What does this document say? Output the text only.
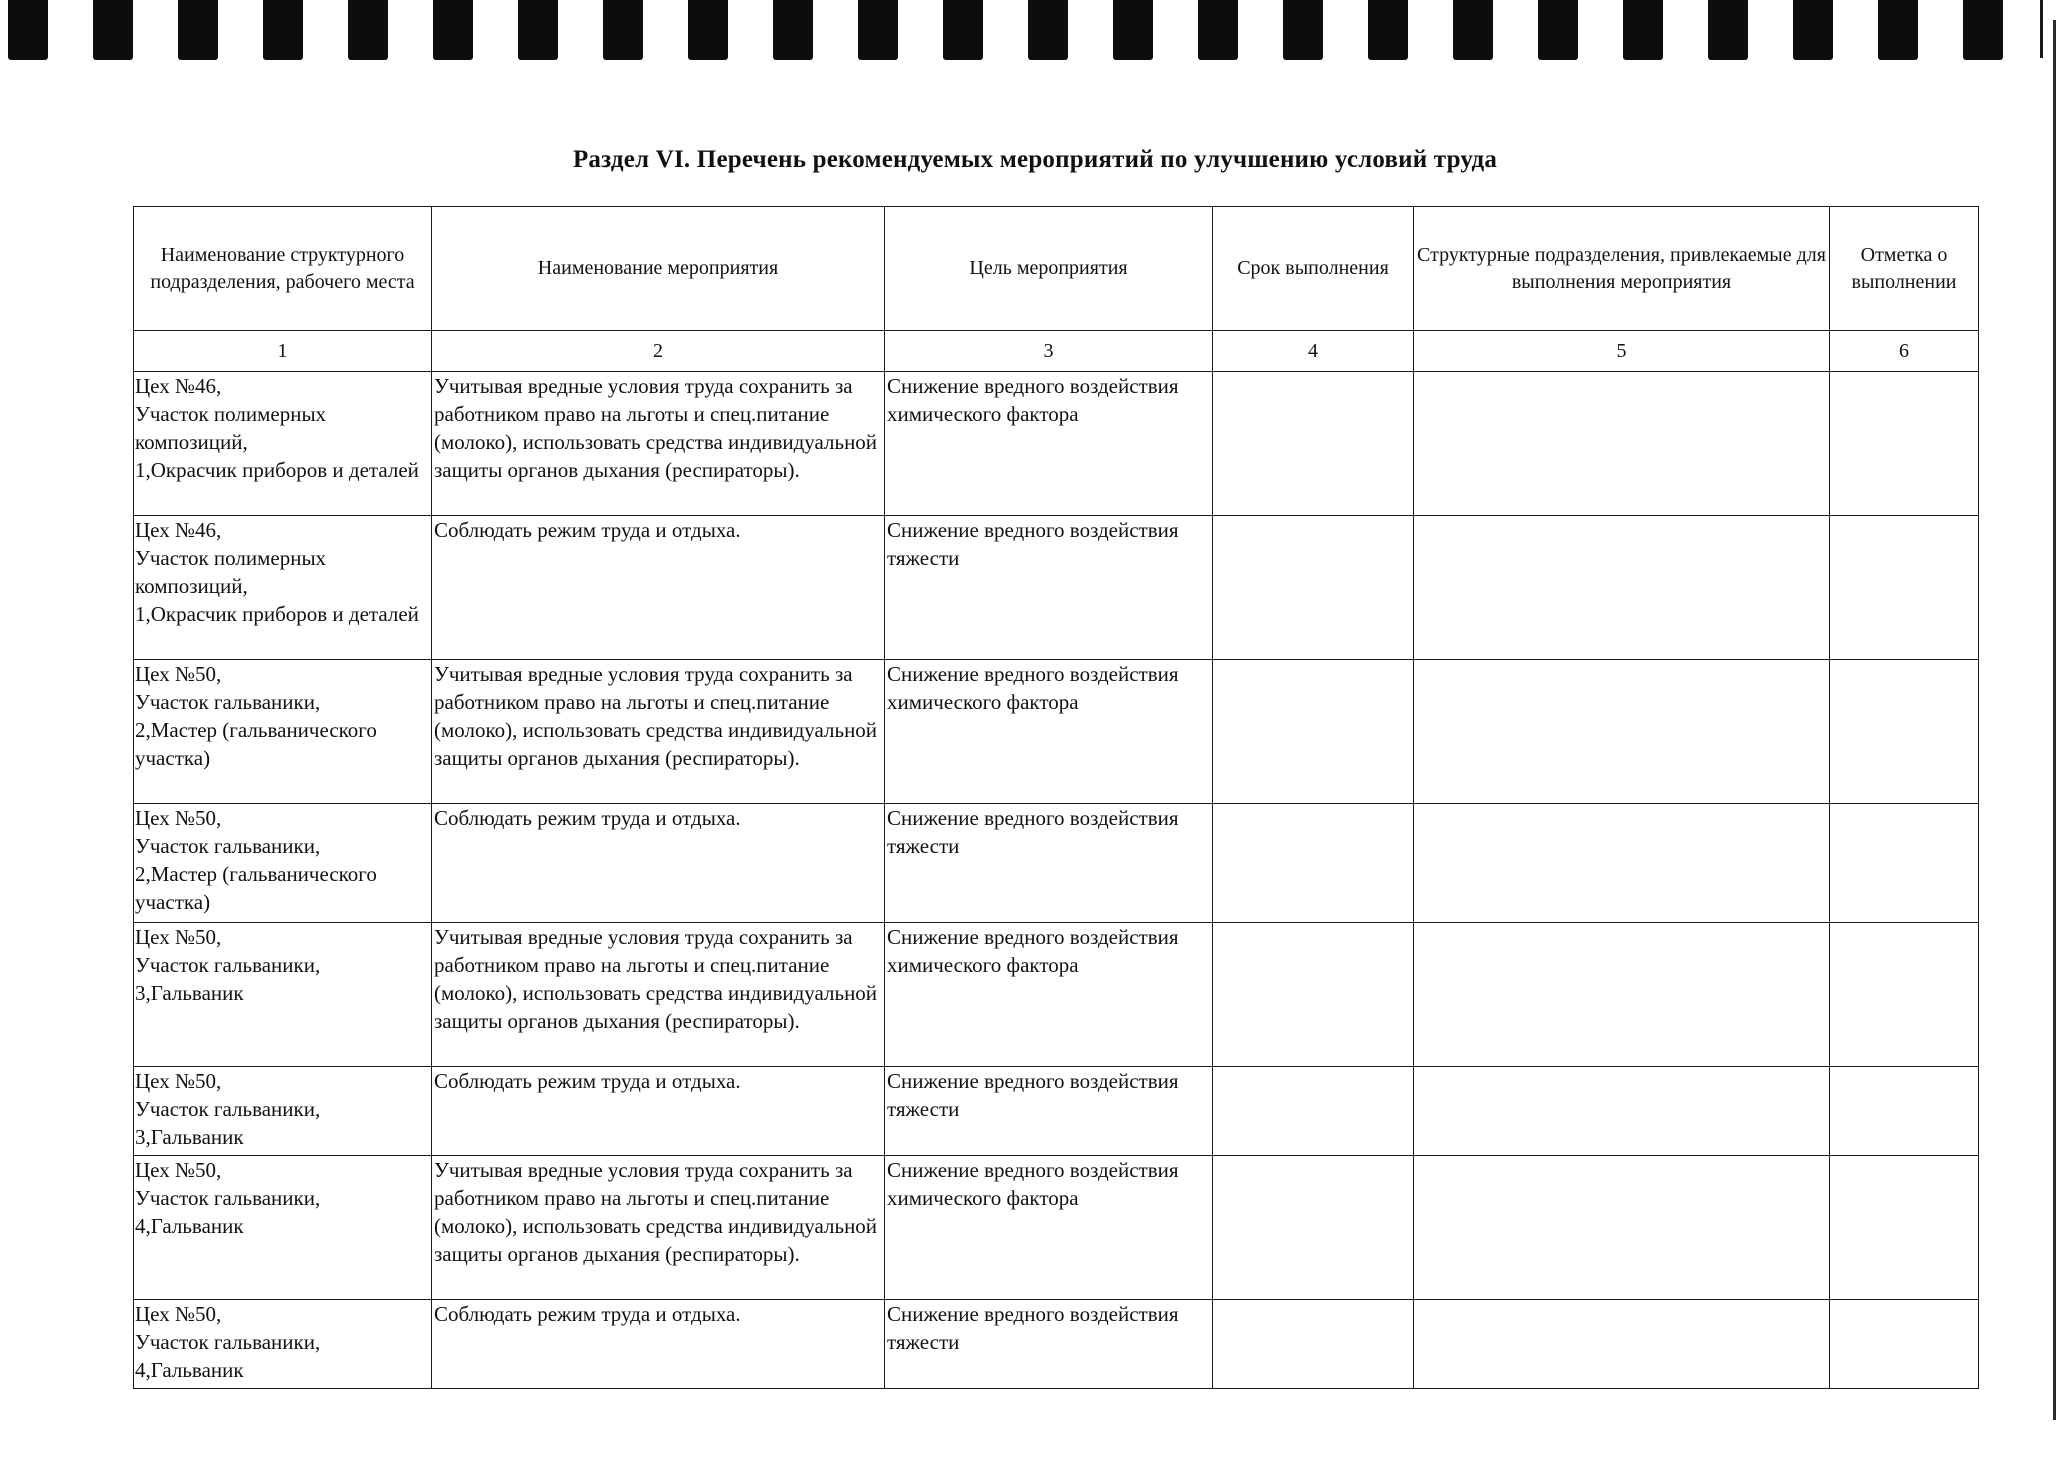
Раздел VI. Перечень рекомендуемых мероприятий по улучшению условий труда
Наименование структурного подразделения, рабочего места	Наименование мероприятия	Цель мероприятия	Срок выполнения	Структурные подразделения, привлекаемые для выполнения мероприятия	Отметка о выполнении
1	2	3	4	5	6
Цех №46,
Участок полимерных композиций,
1,Окрасчик приборов и деталей	Учитывая вредные условия труда сохранить за работником право на льготы и спец.питание (молоко), использовать средства индивидуальной защиты органов дыхания (респираторы).	Снижение вредного воздействия химического фактора			
Цех №46,
Участок полимерных композиций,
1,Окрасчик приборов и деталей	Соблюдать режим труда и отдыха.	Снижение вредного воздействия тяжести			
Цех №50,
Участок гальваники,
2,Мастер (гальванического участка)	Учитывая вредные условия труда сохранить за работником право на льготы и спец.питание (молоко), использовать средства индивидуальной защиты органов дыхания (респираторы).	Снижение вредного воздействия химического фактора			
Цех №50,
Участок гальваники,
2,Мастер (гальванического участка)	Соблюдать режим труда и отдыха.	Снижение вредного воздействия тяжести			
Цех №50,
Участок гальваники,
3,Гальваник	Учитывая вредные условия труда сохранить за работником право на льготы и спец.питание (молоко), использовать средства индивидуальной защиты органов дыхания (респираторы).	Снижение вредного воздействия химического фактора			
Цех №50,
Участок гальваники,
3,Гальваник	Соблюдать режим труда и отдыха.	Снижение вредного воздействия тяжести			
Цех №50,
Участок гальваники,
4,Гальваник	Учитывая вредные условия труда сохранить за работником право на льготы и спец.питание (молоко), использовать средства индивидуальной защиты органов дыхания (респираторы).	Снижение вредного воздействия химического фактора			
Цех №50,
Участок гальваники,
4,Гальваник	Соблюдать режим труда и отдыха.	Снижение вредного воздействия тяжести			
